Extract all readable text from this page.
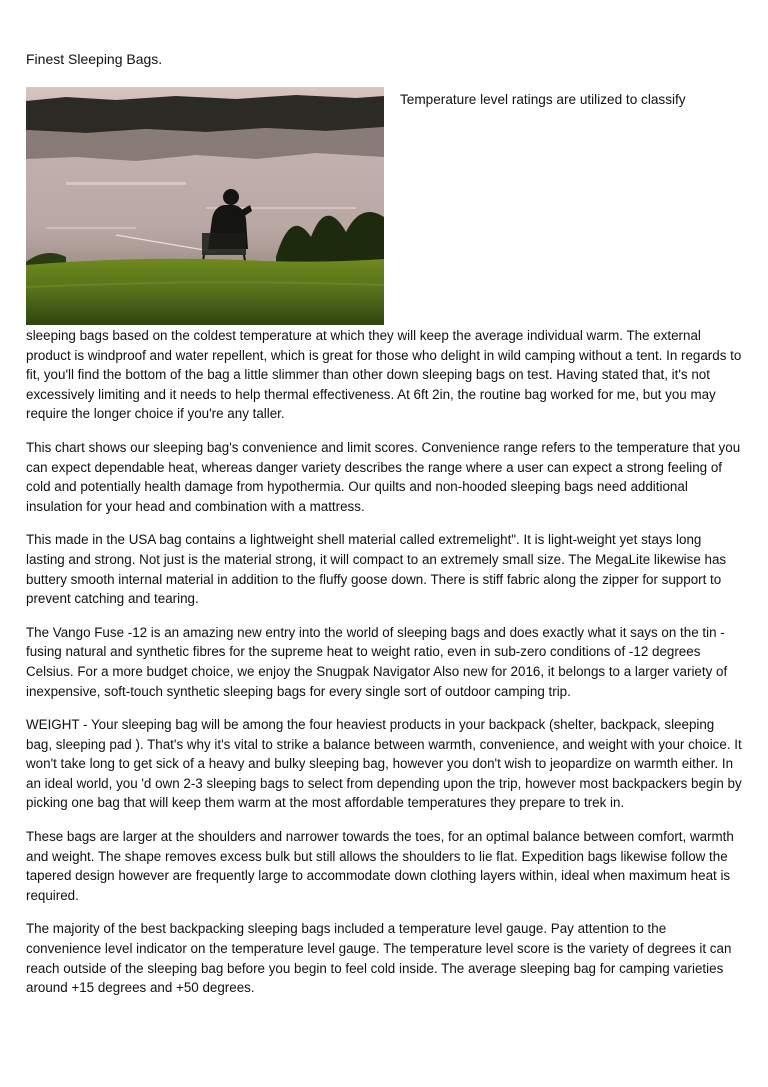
Finest Sleeping Bags.
Temperature level ratings are utilized to classify

sleeping bags based on the coldest temperature at which they will keep the average individual warm. The external product is windproof and water repellent, which is great for those who delight in wild camping without a tent. In regards to fit, you'll find the bottom of the bag a little slimmer than other down sleeping bags on test. Having stated that, it's not excessively limiting and it needs to help thermal effectiveness. At 6ft 2in, the routine bag worked for me, but you may require the longer choice if you're any taller.

This chart shows our sleeping bag's convenience and limit scores. Convenience range refers to the temperature that you can expect dependable heat, whereas danger variety describes the range where a user can expect a strong feeling of cold and potentially health damage from hypothermia. Our quilts and non-hooded sleeping bags need additional insulation for your head and combination with a mattress.

This made in the USA bag contains a lightweight shell material called extremelight". It is light-weight yet stays long lasting and strong. Not just is the material strong, it will compact to an extremely small size. The MegaLite likewise has buttery smooth internal material in addition to the fluffy goose down. There is stiff fabric along the zipper for support to prevent catching and tearing.

The Vango Fuse -12 is an amazing new entry into the world of sleeping bags and does exactly what it says on the tin - fusing natural and synthetic fibres for the supreme heat to weight ratio, even in sub-zero conditions of -12 degrees Celsius. For a more budget choice, we enjoy the Snugpak Navigator Also new for 2016, it belongs to a larger variety of inexpensive, soft-touch synthetic sleeping bags for every single sort of outdoor camping trip.

WEIGHT - Your sleeping bag will be among the four heaviest products in your backpack (shelter, backpack, sleeping bag, sleeping pad ). That's why it's vital to strike a balance between warmth, convenience, and weight with your choice. It won't take long to get sick of a heavy and bulky sleeping bag, however you don't wish to jeopardize on warmth either. In an ideal world, you 'd own 2-3 sleeping bags to select from depending upon the trip, however most backpackers begin by picking one bag that will keep them warm at the most affordable temperatures they prepare to trek in.

These bags are larger at the shoulders and narrower towards the toes, for an optimal balance between comfort, warmth and weight. The shape removes excess bulk but still allows the shoulders to lie flat. Expedition bags likewise follow the tapered design however are frequently large to accommodate down clothing layers within, ideal when maximum heat is required.

The majority of the best backpacking sleeping bags included a temperature level gauge. Pay attention to the convenience level indicator on the temperature level gauge. The temperature level score is the variety of degrees it can reach outside of the sleeping bag before you begin to feel cold inside. The average sleeping bag for camping varieties around +15 degrees and +50 degrees.
